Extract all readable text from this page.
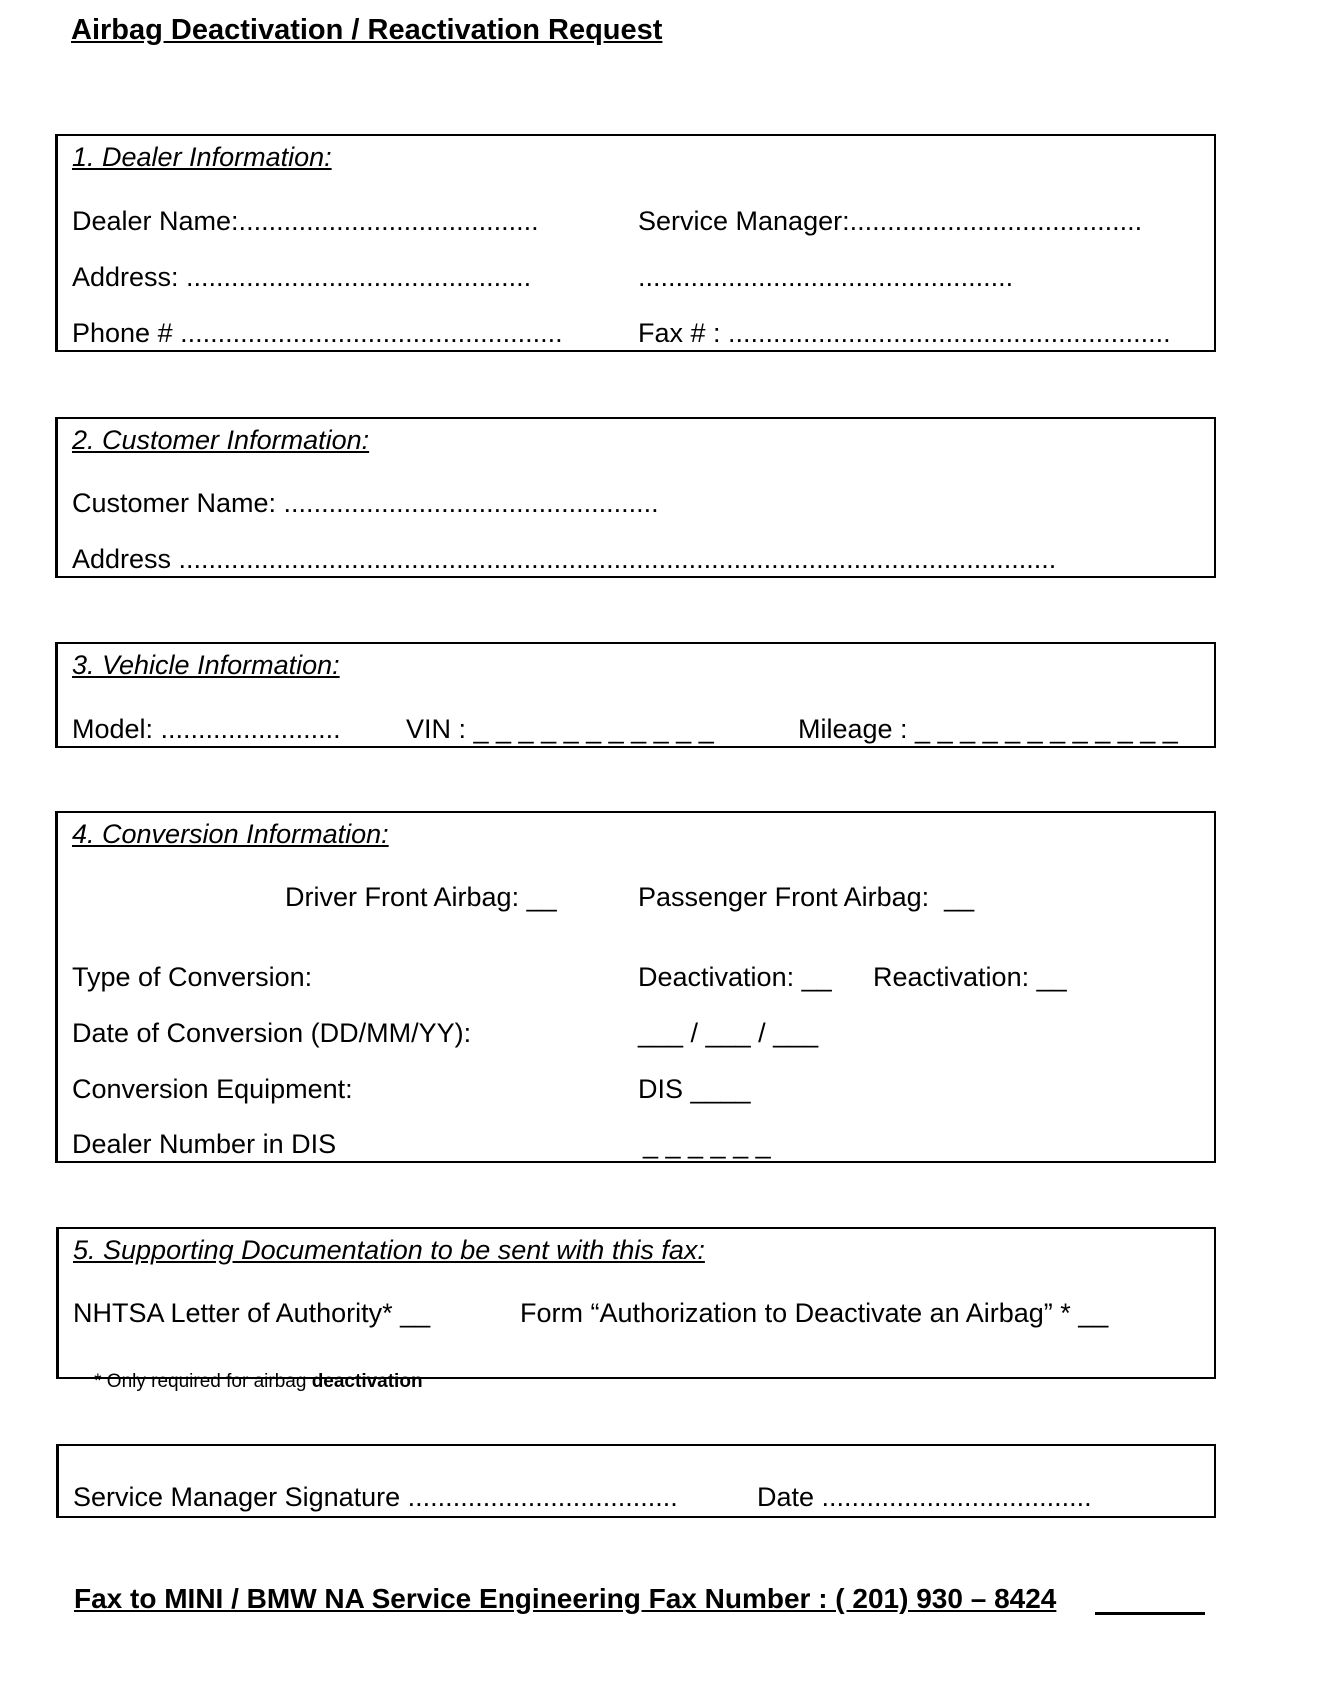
Airbag Deactivation / Reactivation Request
1. Dealer Information:
Dealer Name:........................................	Service Manager:.......................................
Address: ..............................................	..................................................
Phone # ...................................................	Fax # : ...........................................................
2. Customer Information:
Customer Name: ..................................................
Address .....................................................................................................................
3. Vehicle Information:
Model: ........................ VIN : _ _ _ _ _ _ _ _ _ _ _	Mileage : _ _ _ _ _ _ _ _ _ _ _ _
4. Conversion Information:
Driver Front Airbag: __	Passenger Front Airbag:  __
Type of Conversion:	Deactivation: __ Reactivation: __
Date of Conversion (DD/MM/YY):	___ / ___ / ___
Conversion Equipment:	DIS ____
Dealer Number in DIS	_ _ _ _ _ _
5. Supporting Documentation to be sent with this fax:
NHTSA Letter of Authority* __	Form “Authorization to Deactivate an Airbag” * __

* Only required for airbag deactivation

Service Manager Signature ....................................	Date ....................................
Fax to MINI / BMW NA Service Engineering Fax Number : ( 201) 930 – 8424
